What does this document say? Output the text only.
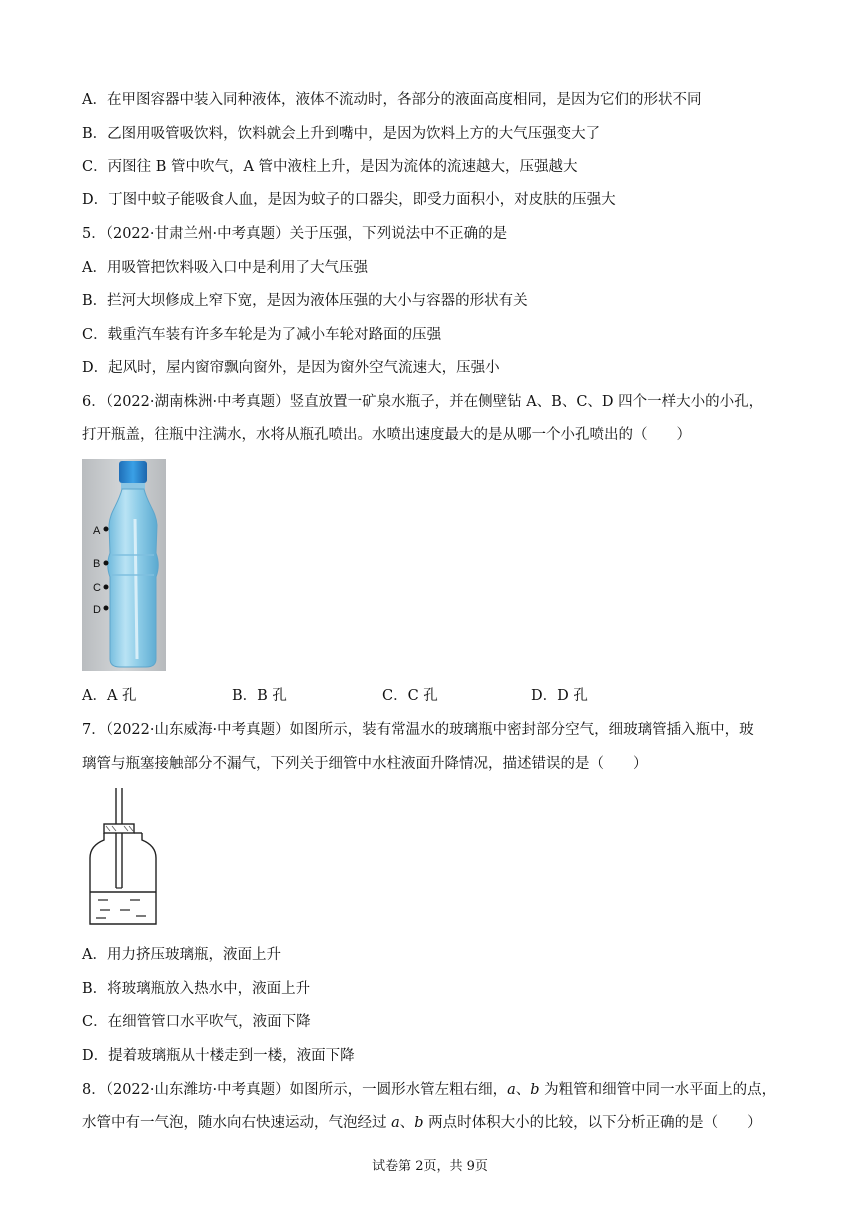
A．在甲图容器中装入同种液体，液体不流动时，各部分的液面高度相同，是因为它们的形状不同
B．乙图用吸管吸饮料，饮料就会上升到嘴中，是因为饮料上方的大气压强变大了
C．丙图往 B 管中吹气，A 管中液柱上升，是因为流体的流速越大，压强越大
D．丁图中蚊子能吸食人血，是因为蚊子的口器尖，即受力面积小，对皮肤的压强大
5．（2022·甘肃兰州·中考真题）关于压强，下列说法中不正确的是
A．用吸管把饮料吸入口中是利用了大气压强
B．拦河大坝修成上窄下宽，是因为液体压强的大小与容器的形状有关
C．载重汽车装有许多车轮是为了减小车轮对路面的压强
D．起风时，屋内窗帘飘向窗外，是因为窗外空气流速大，压强小
6．（2022·湖南株洲·中考真题）竖直放置一矿泉水瓶子，并在侧壁钻 A、B、C、D 四个一样大小的小孔，
打开瓶盖，往瓶中注满水，水将从瓶孔喷出。水喷出速度最大的是从哪一个小孔喷出的（　　）
A
B
C
D
A．A 孔	B．B 孔	C．C 孔	D．D 孔
7．（2022·山东威海·中考真题）如图所示，装有常温水的玻璃瓶中密封部分空气，细玻璃管插入瓶中，玻
璃管与瓶塞接触部分不漏气，下列关于细管中水柱液面升降情况，描述错误的是（　　）
A．用力挤压玻璃瓶，液面上升
B．将玻璃瓶放入热水中，液面上升
C．在细管管口水平吹气，液面下降
D．提着玻璃瓶从十楼走到一楼，液面下降
8．（2022·山东潍坊·中考真题）如图所示，一圆形水管左粗右细，a、b 为粗管和细管中同一水平面上的点，
水管中有一气泡，随水向右快速运动，气泡经过 a、b 两点时体积大小的比较，以下分析正确的是（　　）
试卷第 2页，共 9页
